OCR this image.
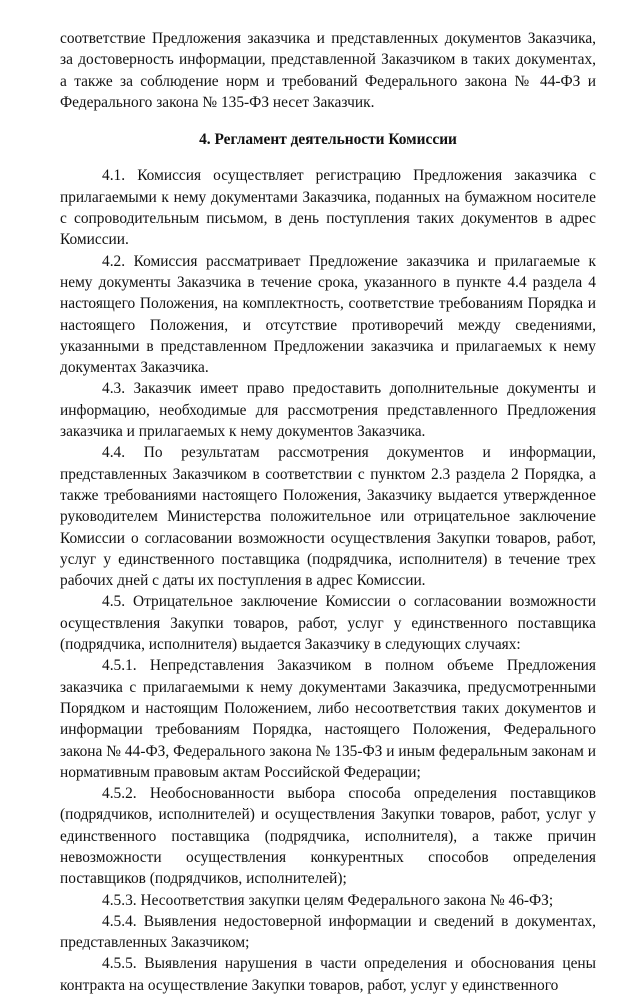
соответствие Предложения заказчика и представленных документов Заказчика, за достоверность информации, представленной Заказчиком в таких документах, а также за соблюдение норм и требований Федерального закона № 44-ФЗ и Федерального закона № 135-ФЗ несет Заказчик.

4. Регламент деятельности Комиссии

4.1. Комиссия осуществляет регистрацию Предложения заказчика с прилагаемыми к нему документами Заказчика, поданных на бумажном носителе с сопроводительным письмом, в день поступления таких документов в адрес Комиссии.

4.2. Комиссия рассматривает Предложение заказчика и прилагаемые к нему документы Заказчика в течение срока, указанного в пункте 4.4 раздела 4 настоящего Положения, на комплектность, соответствие требованиям Порядка и настоящего Положения, и отсутствие противоречий между сведениями, указанными в представленном Предложении заказчика и прилагаемых к нему документах Заказчика.

4.3. Заказчик имеет право предоставить дополнительные документы и информацию, необходимые для рассмотрения представленного Предложения заказчика и прилагаемых к нему документов Заказчика.

4.4. По результатам рассмотрения документов и информации, представленных Заказчиком в соответствии с пунктом 2.3 раздела 2 Порядка, а также требованиями настоящего Положения, Заказчику выдается утвержденное руководителем Министерства положительное или отрицательное заключение Комиссии о согласовании возможности осуществления Закупки товаров, работ, услуг у единственного поставщика (подрядчика, исполнителя) в течение трех рабочих дней с даты их поступления в адрес Комиссии.

4.5. Отрицательное заключение Комиссии о согласовании возможности осуществления Закупки товаров, работ, услуг у единственного поставщика (подрядчика, исполнителя) выдается Заказчику в следующих случаях:

4.5.1. Непредставления Заказчиком в полном объеме Предложения заказчика с прилагаемыми к нему документами Заказчика, предусмотренными Порядком и настоящим Положением, либо несоответствия таких документов и информации требованиям Порядка, настоящего Положения, Федерального закона № 44-ФЗ, Федерального закона № 135-ФЗ и иным федеральным законам и нормативным правовым актам Российской Федерации;

4.5.2. Необоснованности выбора способа определения поставщиков (подрядчиков, исполнителей) и осуществления Закупки товаров, работ, услуг у единственного поставщика (подрядчика, исполнителя), а также причин невозможности осуществления конкурентных способов определения поставщиков (подрядчиков, исполнителей);

4.5.3. Несоответствия закупки целям Федерального закона № 46-ФЗ;

4.5.4. Выявления недостоверной информации и сведений в документах, представленных Заказчиком;

4.5.5. Выявления нарушения в части определения и обоснования цены контракта на осуществление Закупки товаров, работ, услуг у единственного
